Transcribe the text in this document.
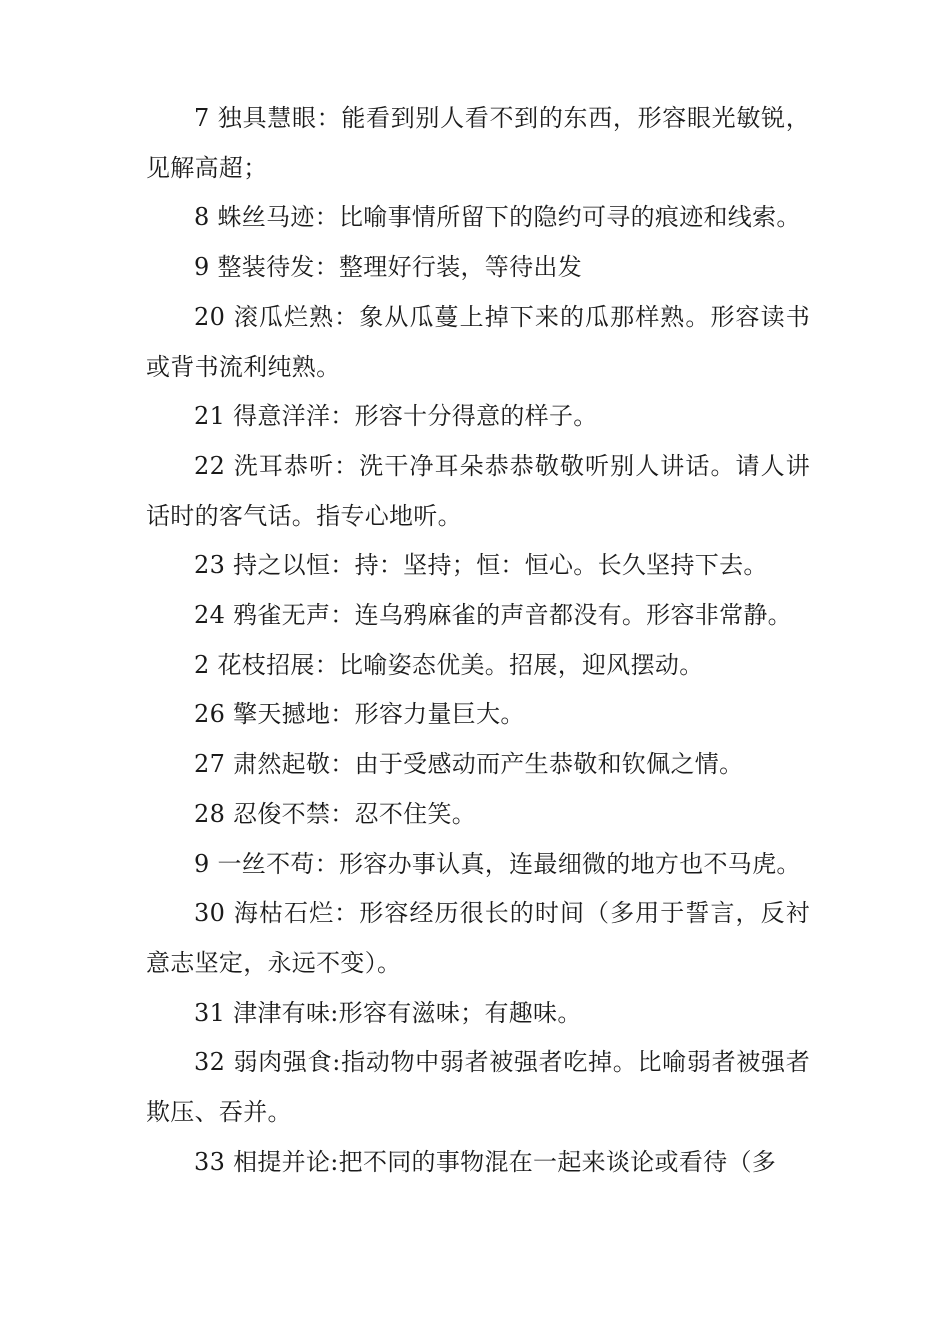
7 独具慧眼：能看到别人看不到的东西，形容眼光敏锐，见解高超；

8 蛛丝马迹：比喻事情所留下的隐约可寻的痕迹和线索。

9 整装待发：整理好行装，等待出发

20 滚瓜烂熟：象从瓜蔓上掉下来的瓜那样熟。形容读书或背书流利纯熟。

21 得意洋洋：形容十分得意的样子。

22 洗耳恭听：洗干净耳朵恭恭敬敬听别人讲话。请人讲话时的客气话。指专心地听。

23 持之以恒：持：坚持；恒：恒心。长久坚持下去。

24 鸦雀无声：连乌鸦麻雀的声音都没有。形容非常静。

2 花枝招展：比喻姿态优美。招展，迎风摆动。

26 擎天撼地：形容力量巨大。

27 肃然起敬：由于受感动而产生恭敬和钦佩之情。

28 忍俊不禁：忍不住笑。

9 一丝不苟：形容办事认真，连最细微的地方也不马虎。

30 海枯石烂：形容经历很长的时间（多用于誓言，反衬意志坚定，永远不变）。

31 津津有味:形容有滋味；有趣味。

32 弱肉强食:指动物中弱者被强者吃掉。比喻弱者被强者欺压、吞并。

33 相提并论:把不同的事物混在一起来谈论或看待（多
